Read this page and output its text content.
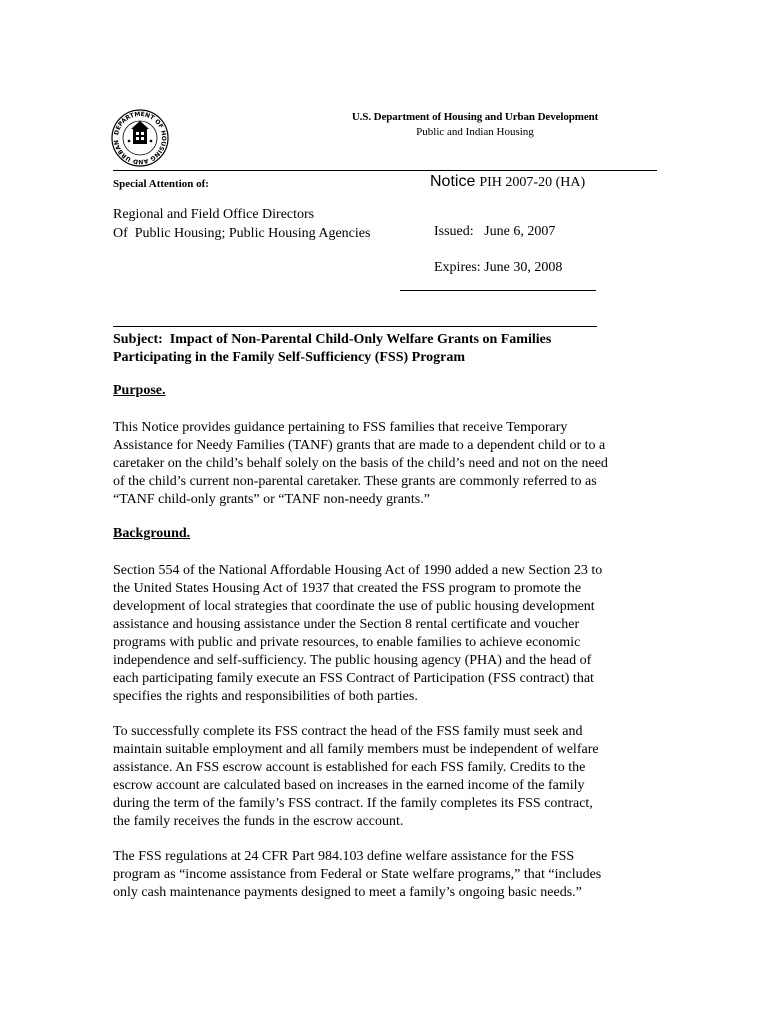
DEPARTMENT OF HOUSING AND URBAN
U.S. Department of Housing and Urban Development
Public and Indian Housing
Special Attention of:	Notice PIH 2007-20 (HA)
Regional and Field Office Directors
Of  Public Housing; Public Housing Agencies	Issued:   June 6, 2007
Expires: June 30, 2008
Subject:  Impact of Non-Parental Child-Only Welfare Grants on Families
Participating in the Family Self-Sufficiency (FSS) Program
Purpose.
This Notice provides guidance pertaining to FSS families that receive Temporary
Assistance for Needy Families (TANF) grants that are made to a dependent child or to a
caretaker on the child’s behalf solely on the basis of the child’s need and not on the need
of the child’s current non-parental caretaker. These grants are commonly referred to as
“TANF child-only grants” or “TANF non-needy grants.”
Background.
Section 554 of the National Affordable Housing Act of 1990 added a new Section 23 to
the United States Housing Act of 1937 that created the FSS program to promote the
development of local strategies that coordinate the use of public housing development
assistance and housing assistance under the Section 8 rental certificate and voucher
programs with public and private resources, to enable families to achieve economic
independence and self-sufficiency. The public housing agency (PHA) and the head of
each participating family execute an FSS Contract of Participation (FSS contract) that
specifies the rights and responsibilities of both parties.
To successfully complete its FSS contract the head of the FSS family must seek and
maintain suitable employment and all family members must be independent of welfare
assistance. An FSS escrow account is established for each FSS family. Credits to the
escrow account are calculated based on increases in the earned income of the family
during the term of the family’s FSS contract. If the family completes its FSS contract,
the family receives the funds in the escrow account.
The FSS regulations at 24 CFR Part 984.103 define welfare assistance for the FSS
program as “income assistance from Federal or State welfare programs,” that “includes
only cash maintenance payments designed to meet a family’s ongoing basic needs.”
